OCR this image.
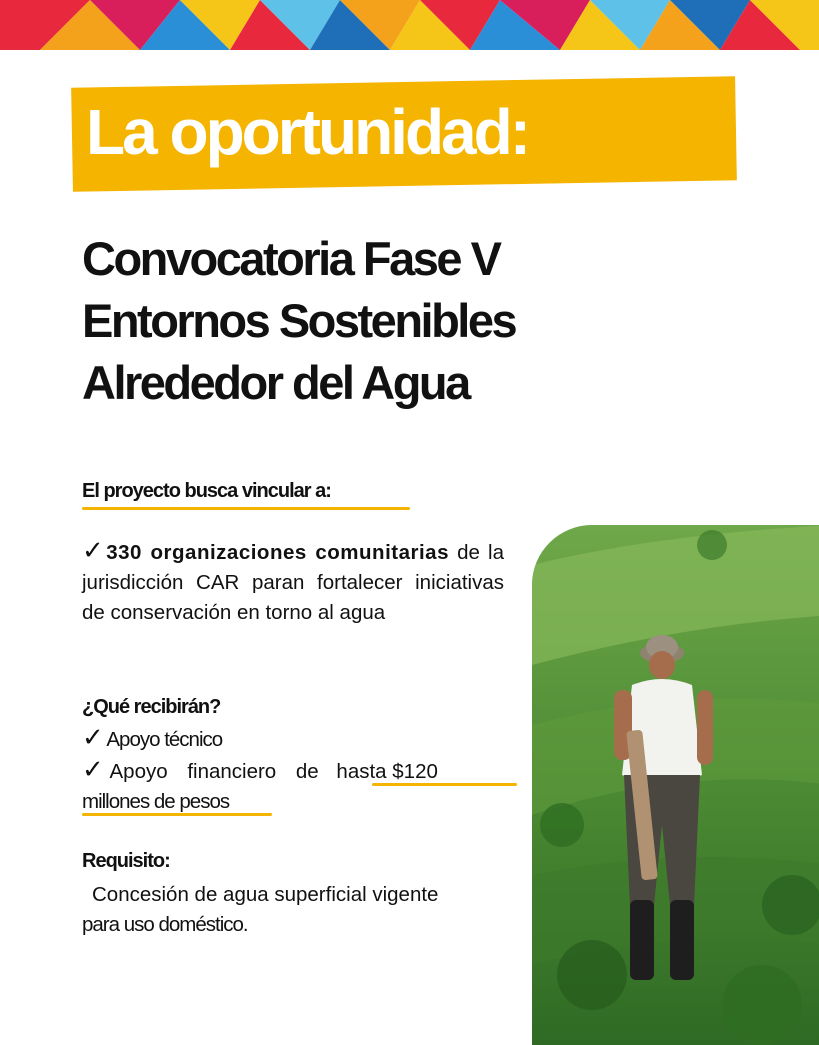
La oportunidad:
Convocatoria Fase V
Entornos Sostenibles
Alrededor del Agua
El proyecto busca vincular a:
✓330 organizaciones comunitarias de la jurisdicción CAR paran fortalecer iniciativas de conservación en torno al agua
¿Qué recibirán?
✓ Apoyo técnico
✓ Apoyo financiero de hasta $120
millones de pesos
Requisito:
Concesión de agua superficial vigente
para uso doméstico.
